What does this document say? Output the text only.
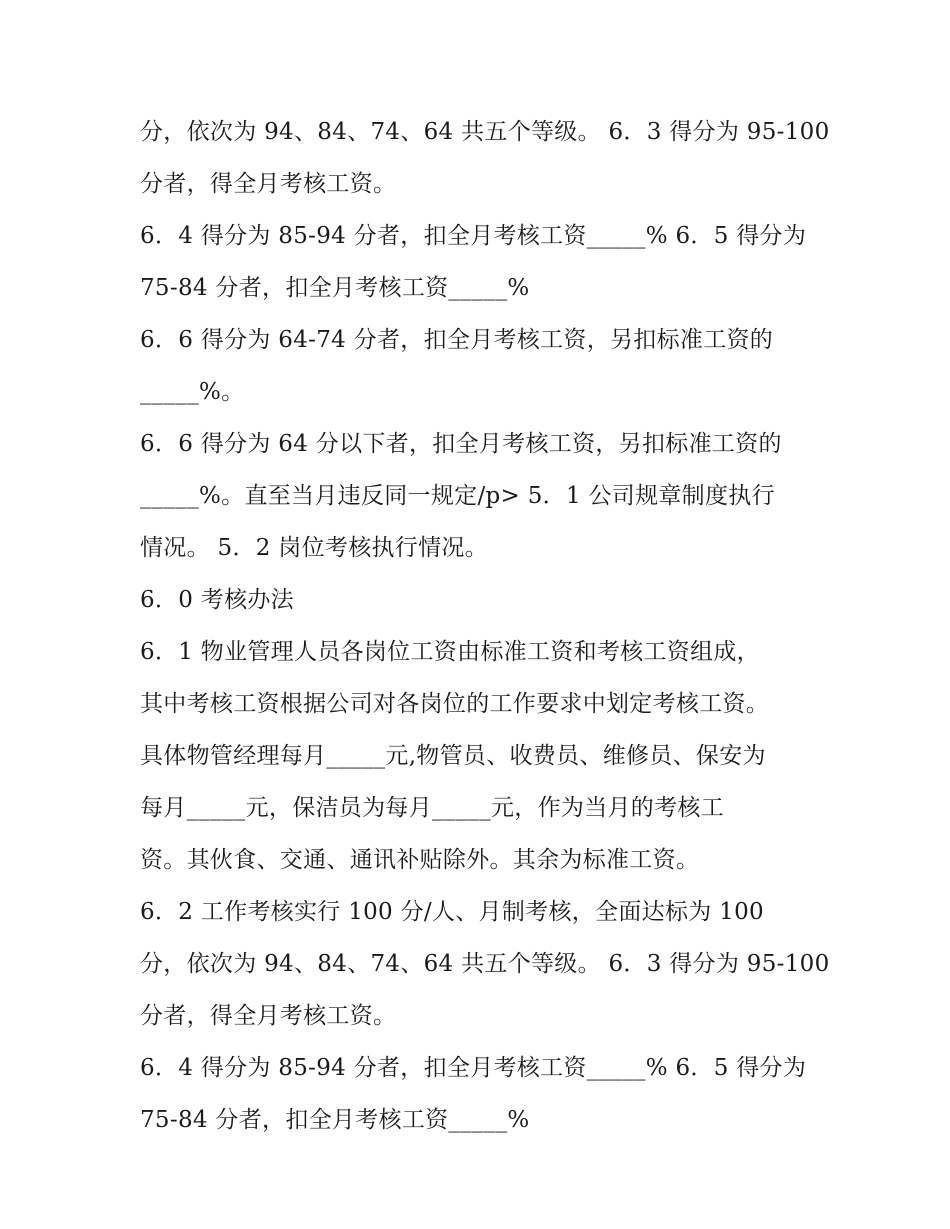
分，依次为 94、84、74、64 共五个等级。 6．3 得分为 95-100
分者，得全月考核工资。
6．4 得分为 85-94 分者，扣全月考核工资_____% 6．5 得分为
75-84 分者，扣全月考核工资_____%
6．6 得分为 64-74 分者，扣全月考核工资，另扣标准工资的
_____%。
6．6 得分为 64 分以下者，扣全月考核工资，另扣标准工资的
_____%。直至当月违反同一规定/p> 5．1 公司规章制度执行
情况。 5．2 岗位考核执行情况。
6．0 考核办法
6．1 物业管理人员各岗位工资由标准工资和考核工资组成，
其中考核工资根据公司对各岗位的工作要求中划定考核工资。
具体物管经理每月_____元,物管员、收费员、维修员、保安为
每月_____元，保洁员为每月_____元，作为当月的考核工
资。其伙食、交通、通讯补贴除外。其余为标准工资。
6．2 工作考核实行 100 分/人、月制考核，全面达标为 100
分，依次为 94、84、74、64 共五个等级。 6．3 得分为 95-100
分者，得全月考核工资。
6．4 得分为 85-94 分者，扣全月考核工资_____% 6．5 得分为
75-84 分者，扣全月考核工资_____%
